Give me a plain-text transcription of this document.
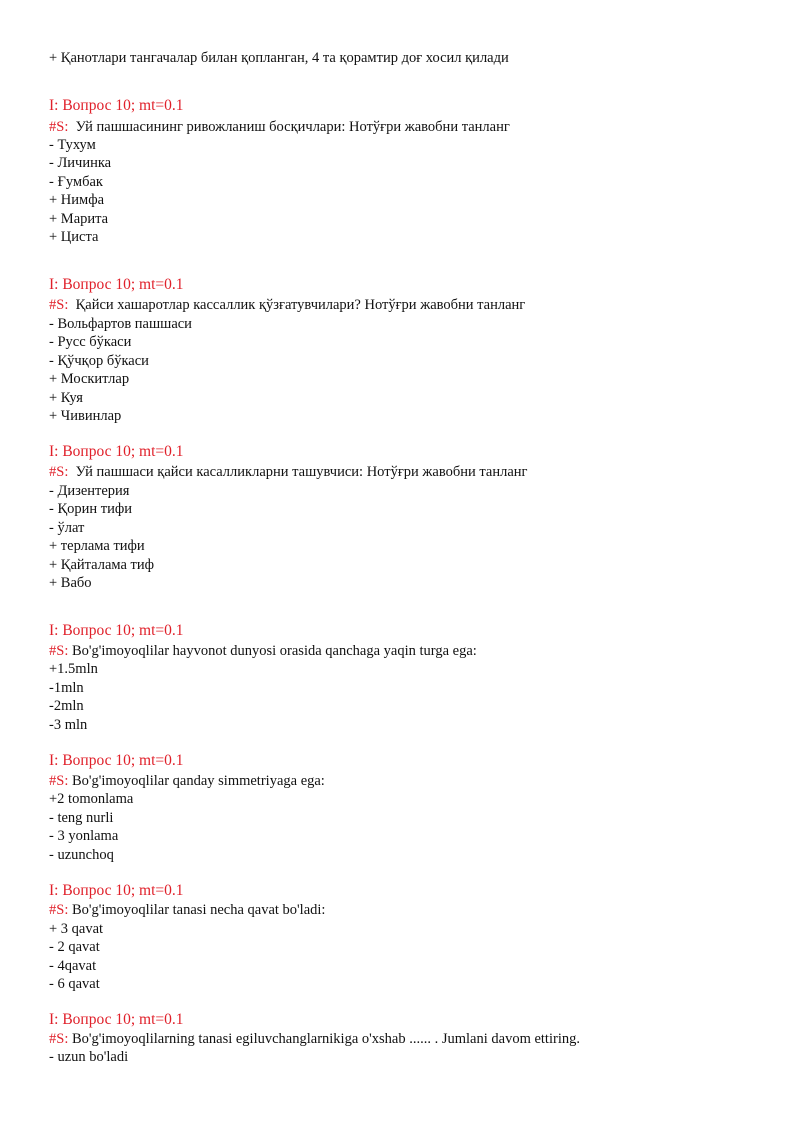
+ Қанотлари тангачалар билан қопланган, 4 та қорамтир доғ хосил қилади
I: Вопрос 10; mt=0.1
#S:  Уй пашшасининг ривожланиш босқичлари: Нотўғри жавобни танланг
- Тухум
- Личинка
- Ғумбак
+ Нимфа
+ Марита
+ Циста
I: Вопрос 10; mt=0.1
#S:  Қайси хашаротлар кассаллик қўзғатувчилари? Нотўғри жавобни танланг
- Вольфартов пашшаси
- Русс бўкаси
- Қўчқор бўкаси
+ Москитлар
+ Куя
+ Чивинлар
I: Вопрос 10; mt=0.1
#S:  Уй пашшаси қайси касалликларни ташувчиси: Нотўғри жавобни танланг
- Дизентерия
- Қорин тифи
- ўлат
+ терлама тифи
+ Қайталама тиф
+ Вабо
I: Вопрос 10; mt=0.1
#S: Bo'g'imoyoqlilar hayvonot dunyosi orasida qanchaga yaqin turga ega:
+1.5mln
-1mln
-2mln
-3 mln
I: Вопрос 10; mt=0.1
#S: Bo'g'imoyoqlilar qanday simmetriyaga ega:
+2 tomonlama
- teng nurli
- 3 yonlama
- uzunchoq
I: Вопрос 10; mt=0.1
#S: Bo'g'imoyoqlilar tanasi necha qavat bo'ladi:
+ 3 qavat
- 2 qavat
- 4qavat
- 6 qavat
I: Вопрос 10; mt=0.1
#S: Bo'g'imoyoqlilarning tanasi egiluvchanglarnikiga o'xshab ...... . Jumlani davom ettiring.
- uzun bo'ladi
